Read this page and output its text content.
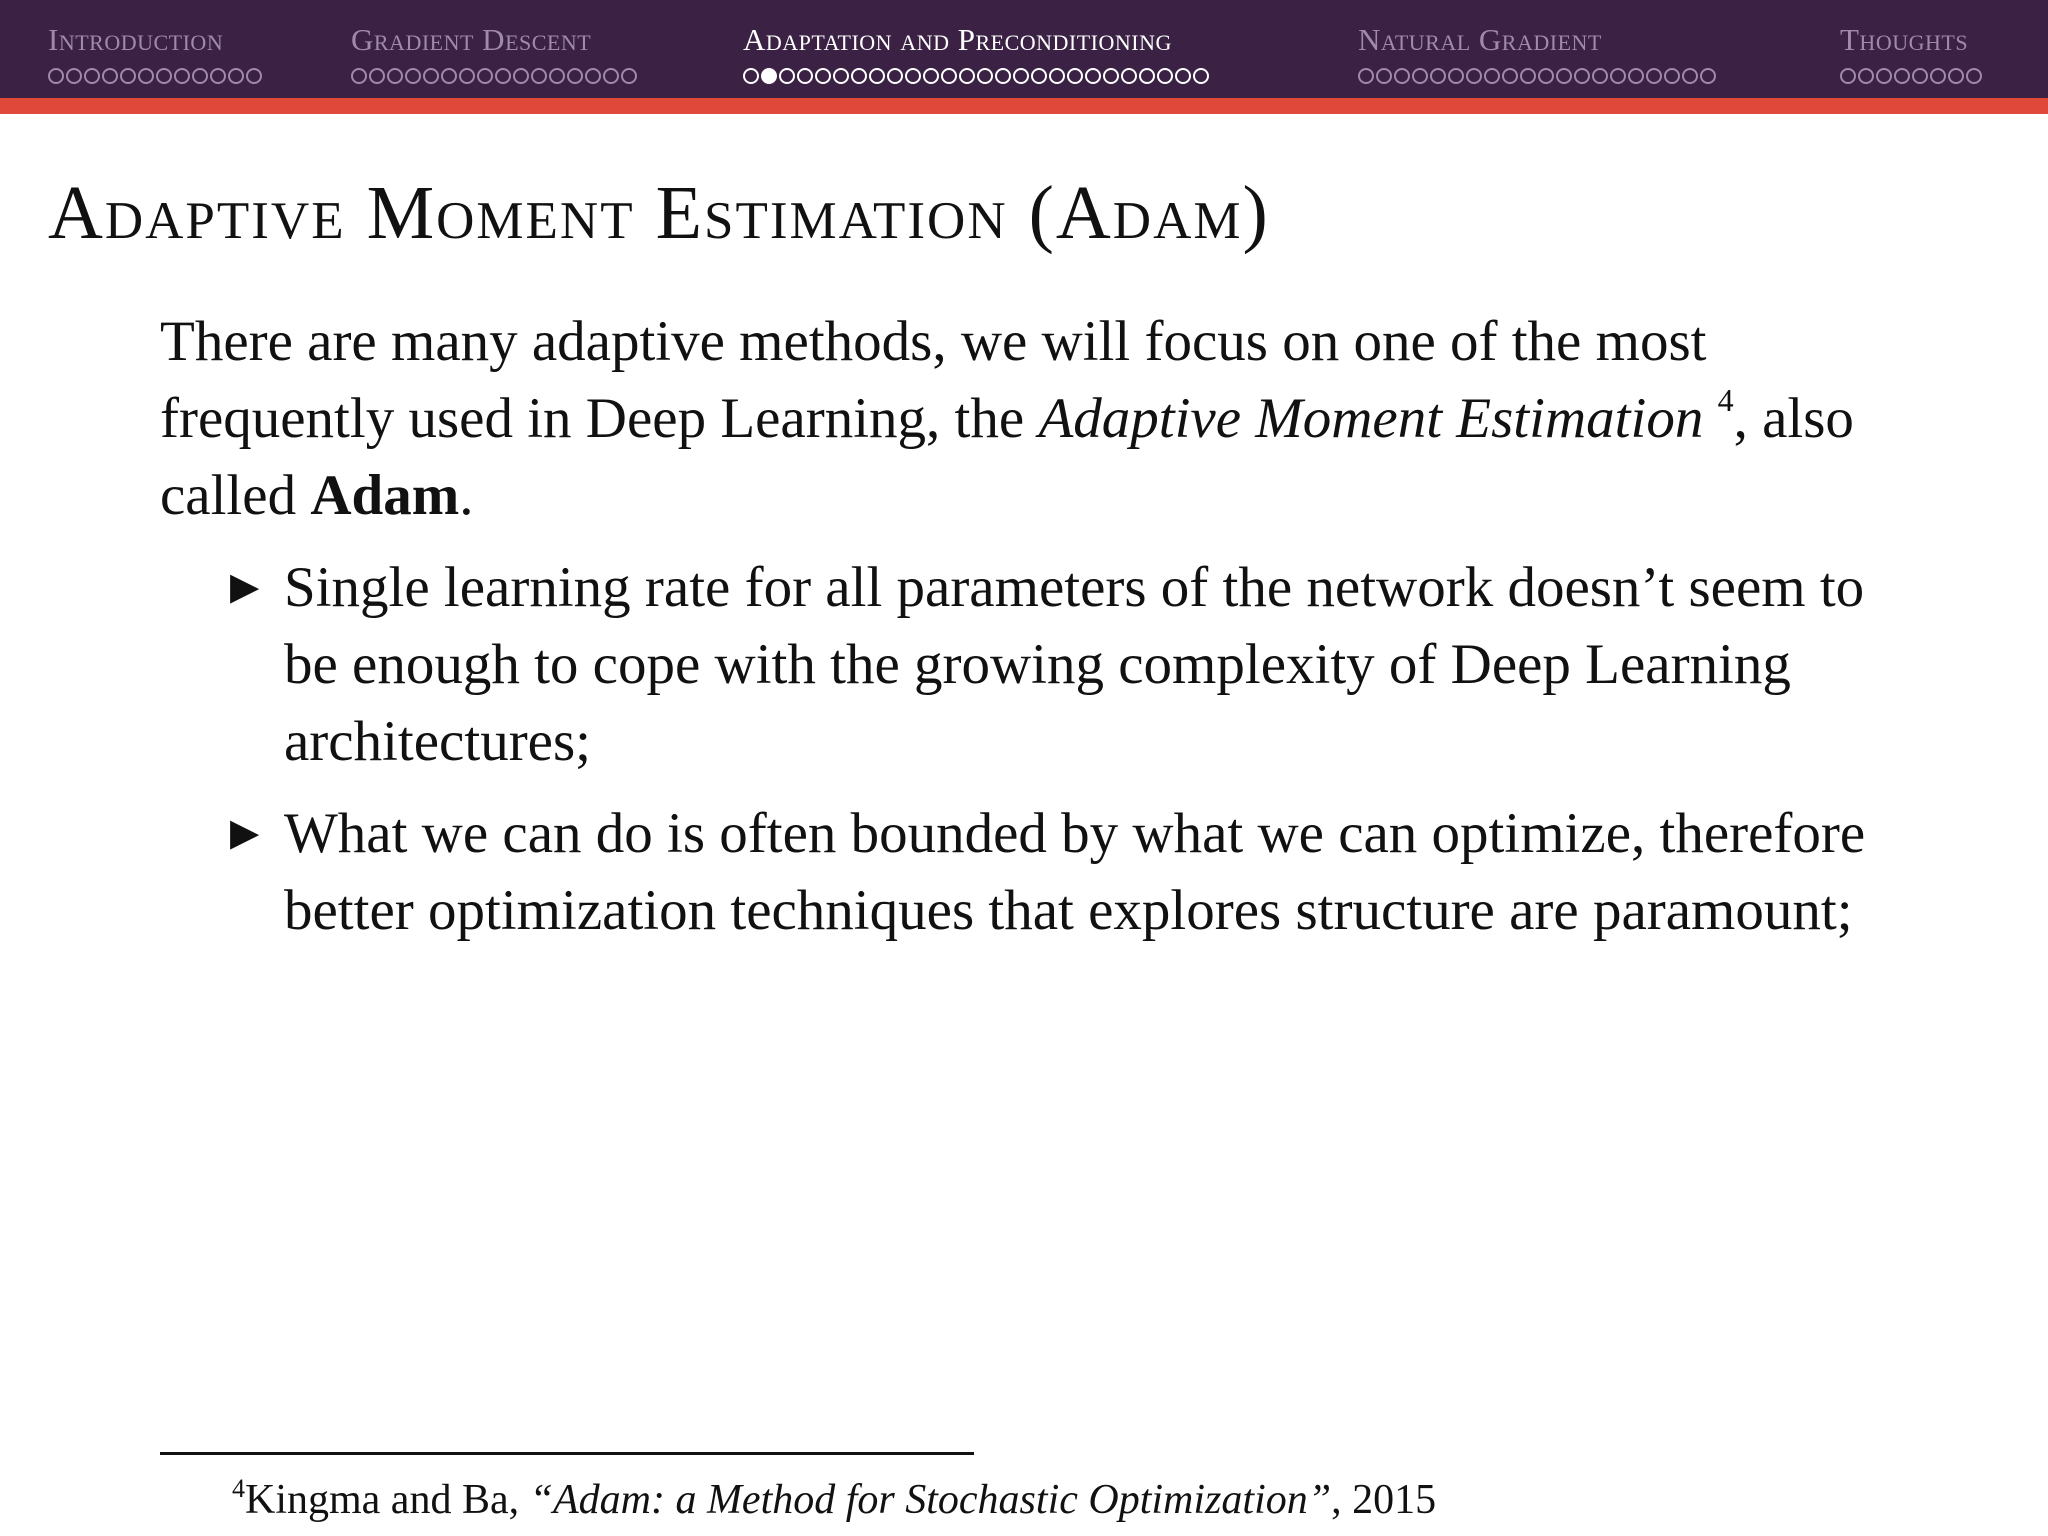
Introduction	Gradient Descent	Adaptation and Preconditioning	Natural Gradient	Thoughts
Adaptive Moment Estimation (Adam)

There are many adaptive methods, we will focus on one of the most frequently used in Deep Learning, the Adaptive Moment Estimation $^4$, also called Adam.

▶ Single learning rate for all parameters of the network doesn’t seem to be enough to cope with the growing complexity of Deep Learning architectures;
▶ What we can do is often bounded by what we can optimize, therefore better optimization techniques that explores structure are paramount;
$^4$Kingma and Ba, “Adam: a Method for Stochastic Optimization”, 2015
